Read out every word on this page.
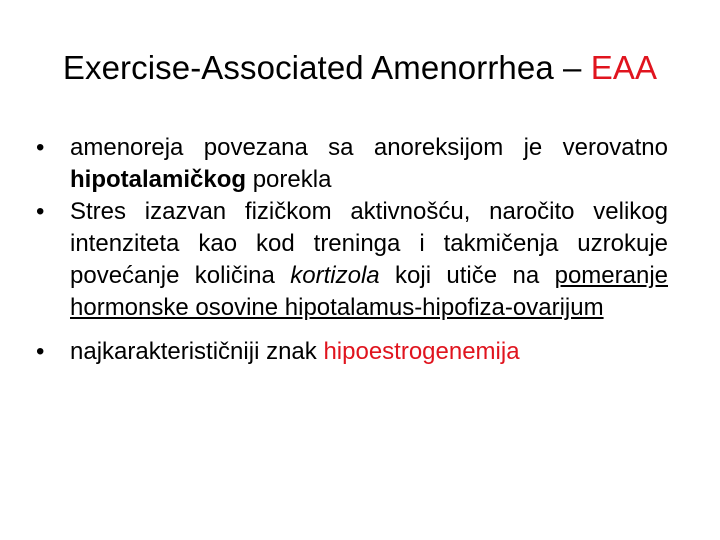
Exercise-Associated Amenorrhea – EAA
•	amenoreja povezana sa anoreksijom je verovatno hipotalamičkog porekla
•	Stres izazvan fizičkom aktivnošću, naročito velikog intenziteta kao kod treninga i takmičenja uzrokuje povećanje količina kortizola koji utiče na pomeranje hormonske osovine hipotalamus-hipofiza-ovarijum
•	najkarakterističniji znak hipoestrogenemija
